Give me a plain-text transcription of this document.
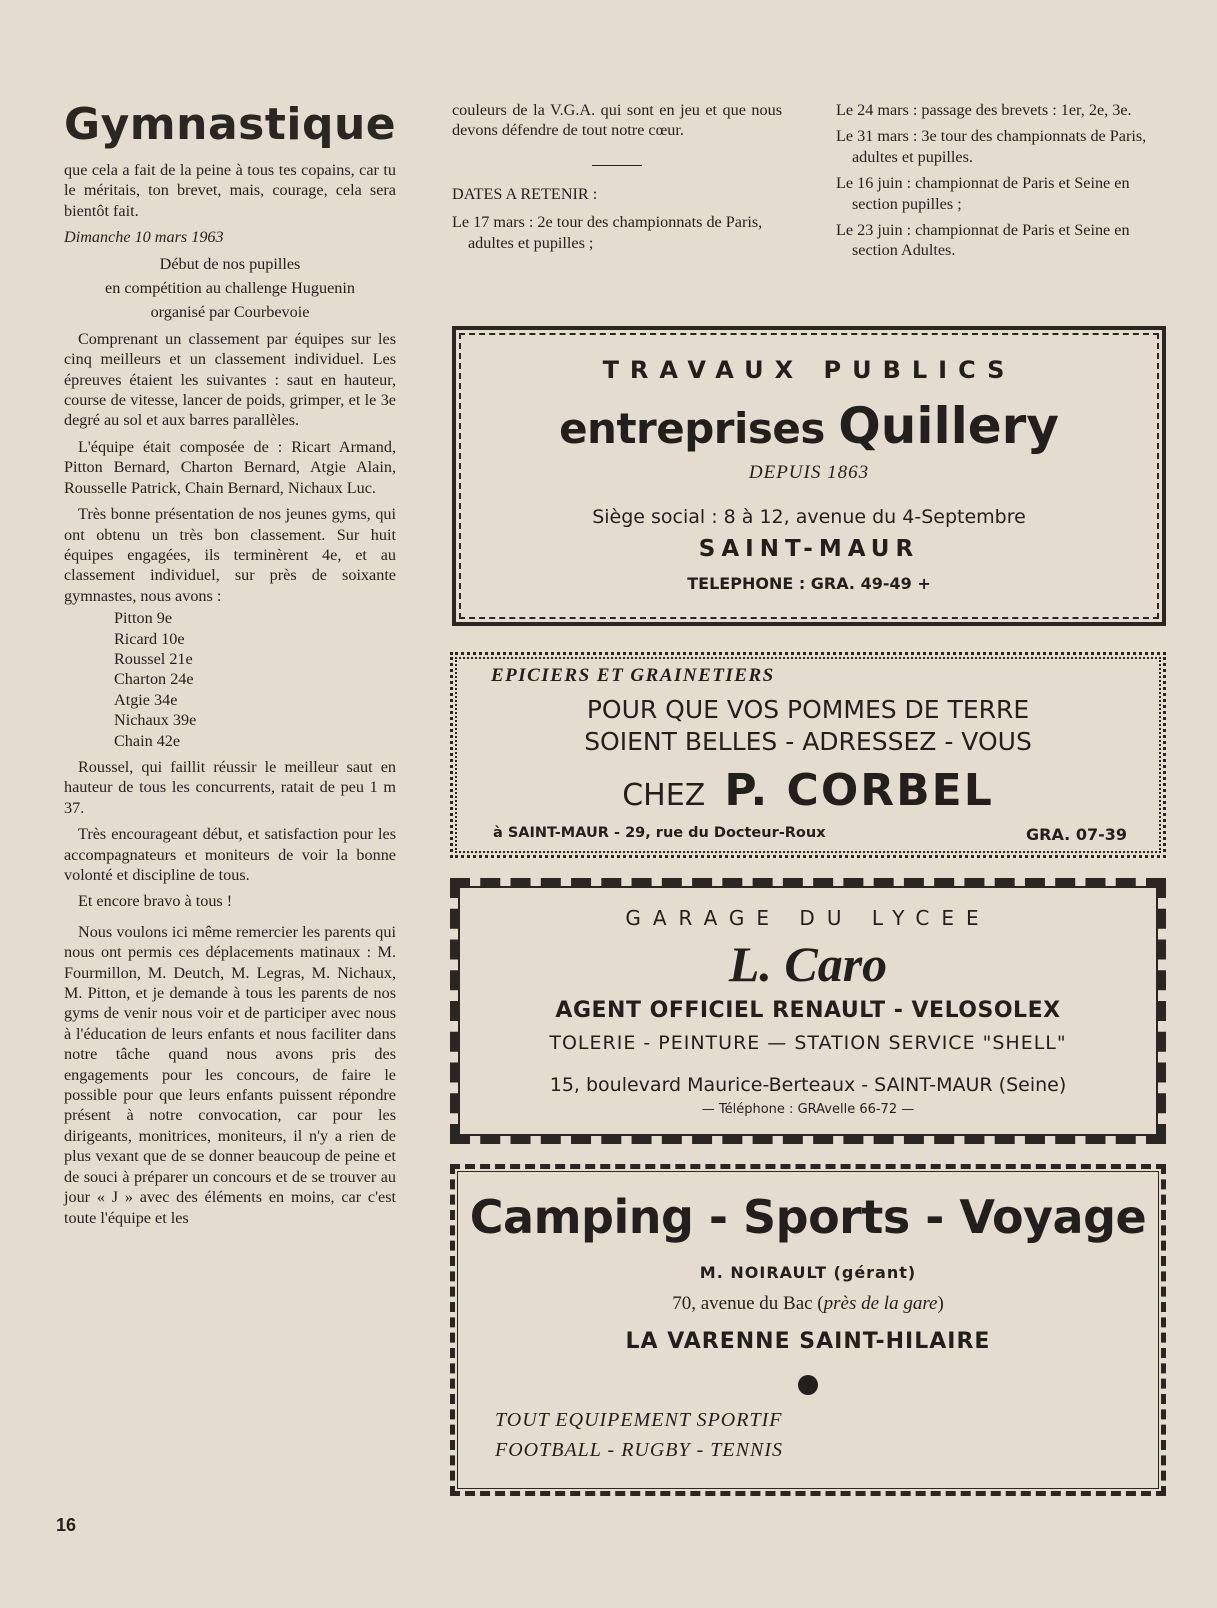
Gymnastique

que cela a fait de la peine à tous tes copains, car tu le méritais, ton brevet, mais, courage, cela sera bientôt fait.

Dimanche 10 mars 1963

Début de nos pupilles

en compétition au challenge Huguenin

organisé par Courbevoie

Comprenant un classement par équipes sur les cinq meilleurs et un classement individuel. Les épreuves étaient les suivantes : saut en hauteur, course de vitesse, lancer de poids, grimper, et le 3e degré au sol et aux barres parallèles.

L'équipe était composée de : Ricart Armand, Pitton Bernard, Charton Bernard, Atgie Alain, Rousselle Patrick, Chain Bernard, Nichaux Luc.

Très bonne présentation de nos jeunes gyms, qui ont obtenu un très bon classement. Sur huit équipes engagées, ils terminèrent 4e, et au classement individuel, sur près de soixante gymnastes, nous avons :

Pitton 9e

Ricard 10e

Roussel 21e

Charton 24e

Atgie 34e

Nichaux 39e

Chain 42e

Roussel, qui faillit réussir le meilleur saut en hauteur de tous les concurrents, ratait de peu 1 m 37.

Très encourageant début, et satisfaction pour les accompagnateurs et moniteurs de voir la bonne volonté et discipline de tous.

Et encore bravo à tous !

Nous voulons ici même remercier les parents qui nous ont permis ces déplacements matinaux : M. Fourmillon, M. Deutch, M. Legras, M. Nichaux, M. Pitton, et je demande à tous les parents de nos gyms de venir nous voir et de participer avec nous à l'éducation de leurs enfants et nous faciliter dans notre tâche quand nous avons pris des engagements pour les concours, de faire le possible pour que leurs enfants puissent répondre présent à notre convocation, car pour les dirigeants, monitrices, moniteurs, il n'y a rien de plus vexant que de se donner beaucoup de peine et de souci à préparer un concours et de se trouver au jour « J » avec des éléments en moins, car c'est toute l'équipe et les

couleurs de la V.G.A. qui sont en jeu et que nous devons défendre de tout notre cœur.

DATES A RETENIR :

Le 17 mars : 2e tour des championnats de Paris, adultes et pupilles ;

Le 24 mars : passage des brevets : 1er, 2e, 3e.

Le 31 mars : 3e tour des championnats de Paris, adultes et pupilles.

Le 16 juin : championnat de Paris et Seine en section pupilles ;

Le 23 juin : championnat de Paris et Seine en section Adultes.

TRAVAUX PUBLICS
entreprises Quillery
DEPUIS 1863
Siège social : 8 à 12, avenue du 4-Septembre
SAINT-MAUR
TELEPHONE : GRA. 49-49 +
EPICIERS ET GRAINETIERS
POUR QUE VOS POMMES DE TERRE
SOIENT BELLES - ADRESSEZ - VOUS
CHEZ P. CORBEL
à SAINT-MAUR - 29, rue du Docteur-Roux	GRA. 07-39
GARAGE DU LYCEE
L. Caro
AGENT OFFICIEL RENAULT - VELOSOLEX
TOLERIE - PEINTURE — STATION SERVICE "SHELL"
15, boulevard Maurice-Berteaux - SAINT-MAUR (Seine)
— Téléphone : GRAvelle 66-72 —
Camping - Sports - Voyage
M. NOIRAULT (gérant)
70, avenue du Bac (près de la gare)
LA VARENNE SAINT-HILAIRE
TOUT EQUIPEMENT SPORTIF
FOOTBALL - RUGBY - TENNIS
16
